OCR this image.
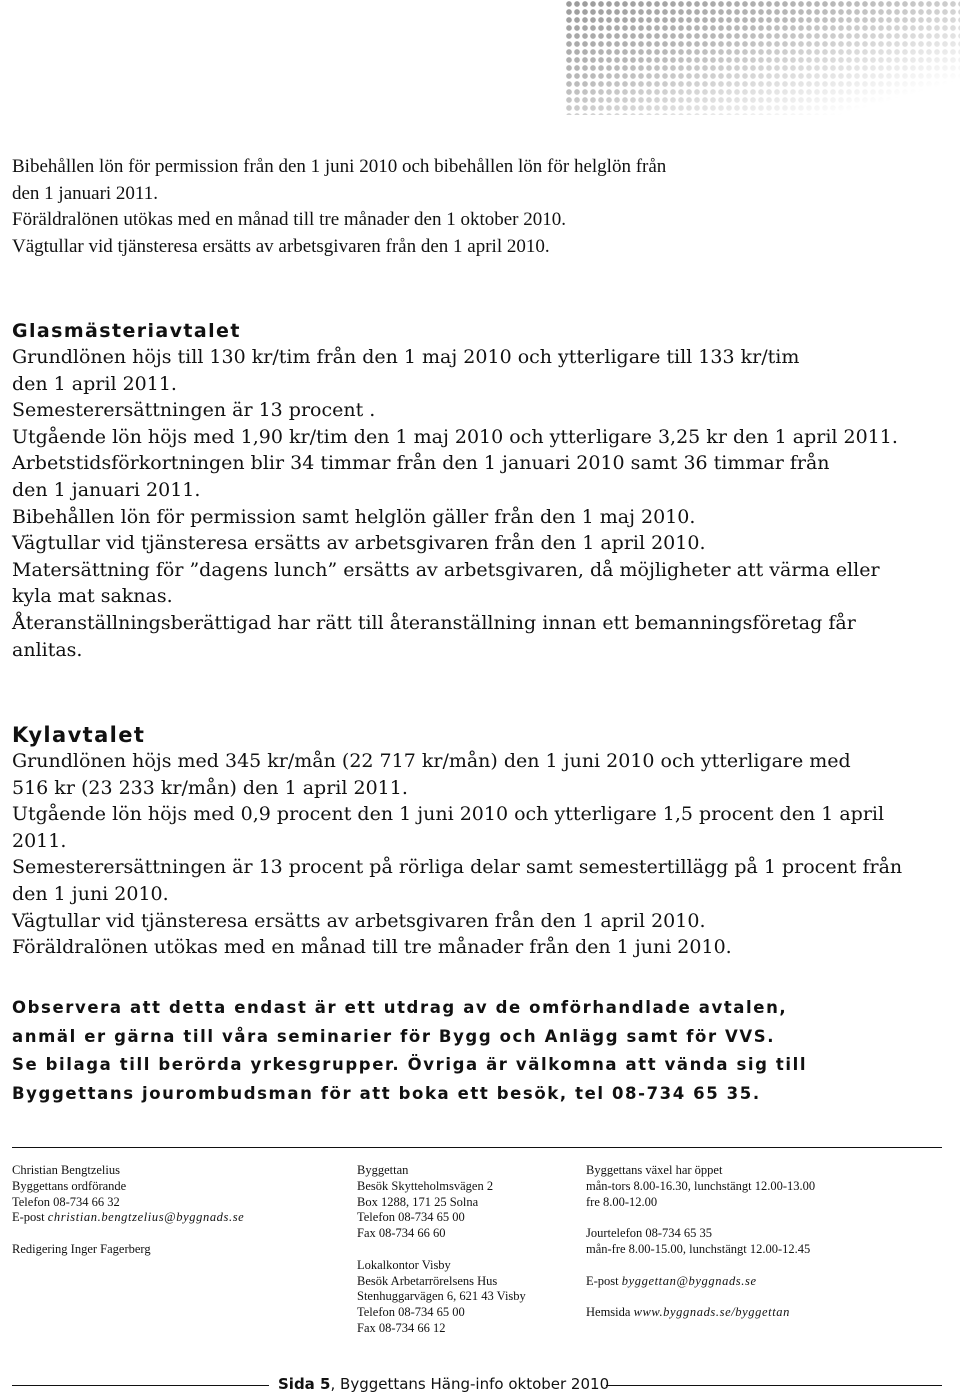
Bibehållen lön för permission från den 1 juni 2010 och bibehållen lön för helglön från

den 1 januari 2011.

Föräldralönen utökas med en månad till tre månader den 1 oktober 2010.

Vägtullar vid tjänsteresa ersätts av arbetsgivaren från den 1 april 2010.

Glasmästeriavtalet

Grundlönen höjs till 130 kr/tim från den 1 maj 2010 och ytterligare till 133 kr/tim

den 1 april 2011.

Semesterersättningen är 13 procent .

Utgående lön höjs med 1,90 kr/tim den 1 maj 2010 och ytterligare 3,25 kr den 1 april 2011.

Arbetstidsförkortningen blir 34 timmar från den 1 januari 2010 samt 36 timmar från

den 1 januari 2011.

Bibehållen lön för permission samt helglön gäller från den 1 maj 2010.

Vägtullar vid tjänsteresa ersätts av arbetsgivaren från den 1 april 2010.

Matersättning för ”dagens lunch” ersätts av arbetsgivaren, då möjligheter att värma eller

kyla mat saknas.

Återanställningsberättigad har rätt till återanställning innan ett bemanningsföretag får

anlitas.

Kylavtalet

Grundlönen höjs med 345 kr/mån (22 717 kr/mån) den 1 juni 2010 och ytterligare med

516 kr (23 233 kr/mån) den 1 april 2011.

Utgående lön höjs med 0,9 procent den 1 juni 2010 och ytterligare 1,5 procent den 1 april

2011.

Semesterersättningen är 13 procent på rörliga delar samt semestertillägg på 1 procent från

den 1 juni 2010.

Vägtullar vid tjänsteresa ersätts av arbetsgivaren från den 1 april 2010.

Föräldralönen utökas med en månad till tre månader från den 1 juni 2010.

Observera att detta endast är ett utdrag av de omförhandlade avtalen,

anmäl er gärna till våra seminarier för Bygg och Anlägg samt för VVS.

Se bilaga till berörda yrkesgrupper. Övriga är välkomna att vända sig till

Byggettans jourombudsman för att boka ett besök, tel 08-734 65 35.

Christian Bengtzelius
Byggettans ordförande
Telefon 08-734 66 32
E-post christian.bengtzelius@byggnads.se
Redigering Inger Fagerberg
Byggettan
Besök Skytteholmsvägen 2
Box 1288, 171 25 Solna
Telefon 08-734 65 00
Fax 08-734 66 60
Lokalkontor Visby
Besök Arbetarrörelsens Hus
Stenhuggarvägen 6, 621 43 Visby
Telefon 08-734 65 00
Fax 08-734 66 12
Byggettans växel har öppet
mån-tors 8.00-16.30, lunchstängt 12.00-13.00
fre 8.00-12.00
Jourtelefon 08-734 65 35
mån-fre 8.00-15.00, lunchstängt 12.00-12.45
E-post byggettan@byggnads.se
Hemsida www.byggnads.se/byggettan
Sida 5, Byggettans Häng-info oktober 2010
